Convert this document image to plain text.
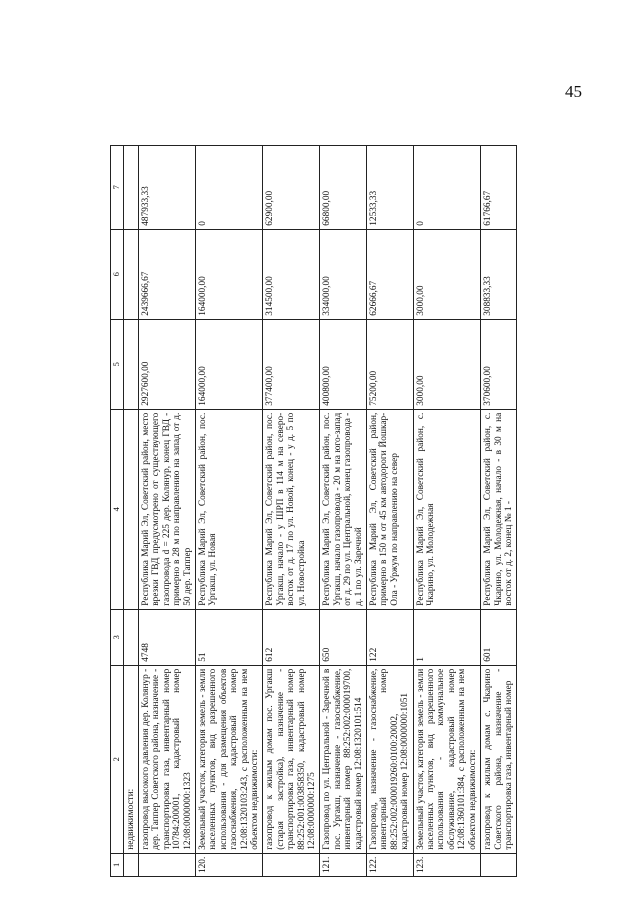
45
1	2	3	4	5	6	7
	недвижимости:					
	газопровод высокого давления дер. Колянур - дер. Таппер Советского района, назначение - транспортировка газа, инвентарный номер 10784:200001, кадастровый номер 12:08:0000000:1323	4748	Республика Марий Эл, Советский район, место врезки ГВД предусмотрено от существующего газопровода d = 225 дер. Колянур, конец ГВД - примерно в 28 м по направлению на запад от д. 50 дер. Таппер	2927600,00	2439666,67	487933,33
120.	Земельный участок, категория земель - земли населенных пунктов, вид разрешенного использования - для размещения объектов газоснабжения, кадастровый номер 12:08:1320103:243, с расположенным на нем объектом недвижимости:	51	Республика Марий Эл, Советский район, пос. Ургакш, ул. Новая	164000,00	164000,00	0
	газопровод к жилым домам пос. Ургакш (старая застройка), назначение - транспортировка газа, инвентарный номер 88:252:001:003858350, кадастровый номер 12:08:0000000:1275	612	Республика Марий Эл, Советский район, пос. Ургакш, начало - у ШРП в 114 м на северо-восток от д. 17 по ул. Новой, конец - у д. 5 по ул. Новостройка	377400,00	314500,00	62900,00
121.	Газопровод по ул. Центральной - Заречной в пос. Ургакш, назначение - газоснабжение, инвентарный номер 88:252:002:000019700, кадастровый номер 12:08:1320101:514	650	Республика Марий Эл, Советский район, пос. Ургакш, начало газопровода - 20 м на юго-запад от д. 29 по ул. Центральной, конец газопровода - д. 1 по ул. Заречной	400800,00	334000,00	66800,00
122.	Газопровод, назначение - газоснабжение, инвентарный номер 88:252:002:000019260:0100:20002, кадастровый номер 12:08:0000000:1051	122	Республика Марий Эл, Советский район, примерно в 150 м от 45 км автодороги Йошкар-Ола - Уржум по направлению на север	75200,00	62666,67	12533,33
123.	Земельный участок, категория земель - земли населенных пунктов, вид разрешенного использования - коммунальное обслуживание, кадастровый номер 12:08:1360101:384, с расположенным на нем объектом недвижимости:	1	Республика Марий Эл, Советский район, с. Чкарино, ул. Молодежная	3000,00	3000,00	0
	газопровод к жилым домам с. Чкарино Советского района, назначение - транспортировка газа, инвентарный номер	601	Республика Марий Эл, Советский район, с. Чкарино, ул. Молодежная, начало - в 30 м на восток от д. 2, конец № 1 -	370600,00	308833,33	61766,67
